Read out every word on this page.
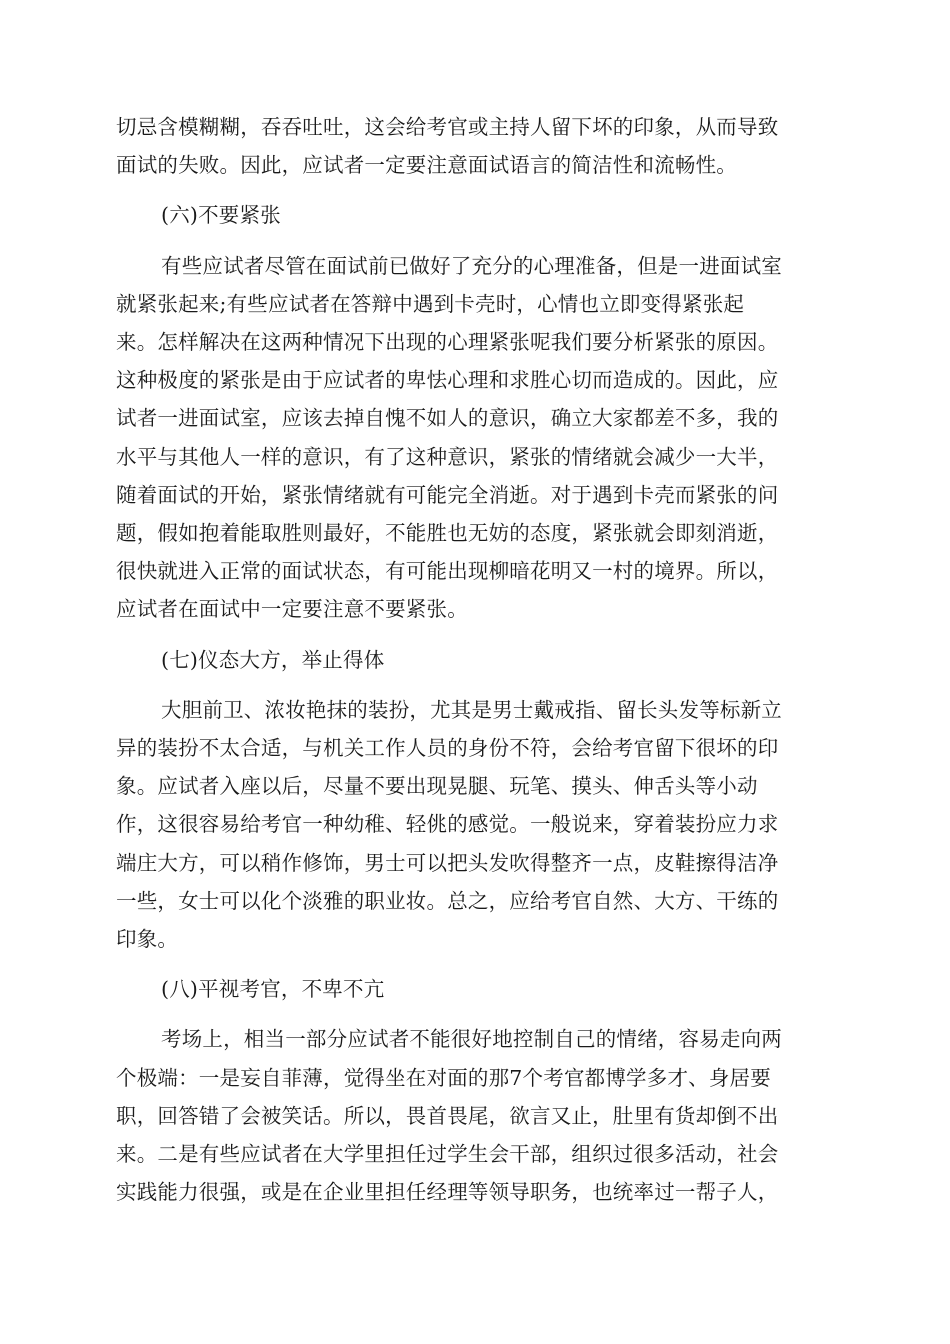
切忌含模糊糊，吞吞吐吐，这会给考官或主持人留下坏的印象，从而导致
面试的失败。因此，应试者一定要注意面试语言的简洁性和流畅性。
(六)不要紧张
有些应试者尽管在面试前已做好了充分的心理准备，但是一进面试室
就紧张起来;有些应试者在答辩中遇到卡壳时，心情也立即变得紧张起
来。怎样解决在这两种情况下出现的心理紧张呢我们要分析紧张的原因。
这种极度的紧张是由于应试者的卑怯心理和求胜心切而造成的。因此，应
试者一进面试室，应该去掉自愧不如人的意识，确立大家都差不多，我的
水平与其他人一样的意识，有了这种意识，紧张的情绪就会减少一大半，
随着面试的开始，紧张情绪就有可能完全消逝。对于遇到卡壳而紧张的问
题，假如抱着能取胜则最好，不能胜也无妨的态度，紧张就会即刻消逝，
很快就进入正常的面试状态，有可能出现柳暗花明又一村的境界。所以，
应试者在面试中一定要注意不要紧张。
(七)仪态大方，举止得体
大胆前卫、浓妆艳抹的装扮，尤其是男士戴戒指、留长头发等标新立
异的装扮不太合适，与机关工作人员的身份不符，会给考官留下很坏的印
象。应试者入座以后，尽量不要出现晃腿、玩笔、摸头、伸舌头等小动
作，这很容易给考官一种幼稚、轻佻的感觉。一般说来，穿着装扮应力求
端庄大方，可以稍作修饰，男士可以把头发吹得整齐一点，皮鞋擦得洁净
一些，女士可以化个淡雅的职业妆。总之，应给考官自然、大方、干练的
印象。
(八)平视考官，不卑不亢
考场上，相当一部分应试者不能很好地控制自己的情绪，容易走向两
个极端：一是妄自菲薄，觉得坐在对面的那7个考官都博学多才、身居要
职，回答错了会被笑话。所以，畏首畏尾，欲言又止，肚里有货却倒不出
来。二是有些应试者在大学里担任过学生会干部，组织过很多活动，社会
实践能力很强，或是在企业里担任经理等领导职务，也统率过一帮子人，
